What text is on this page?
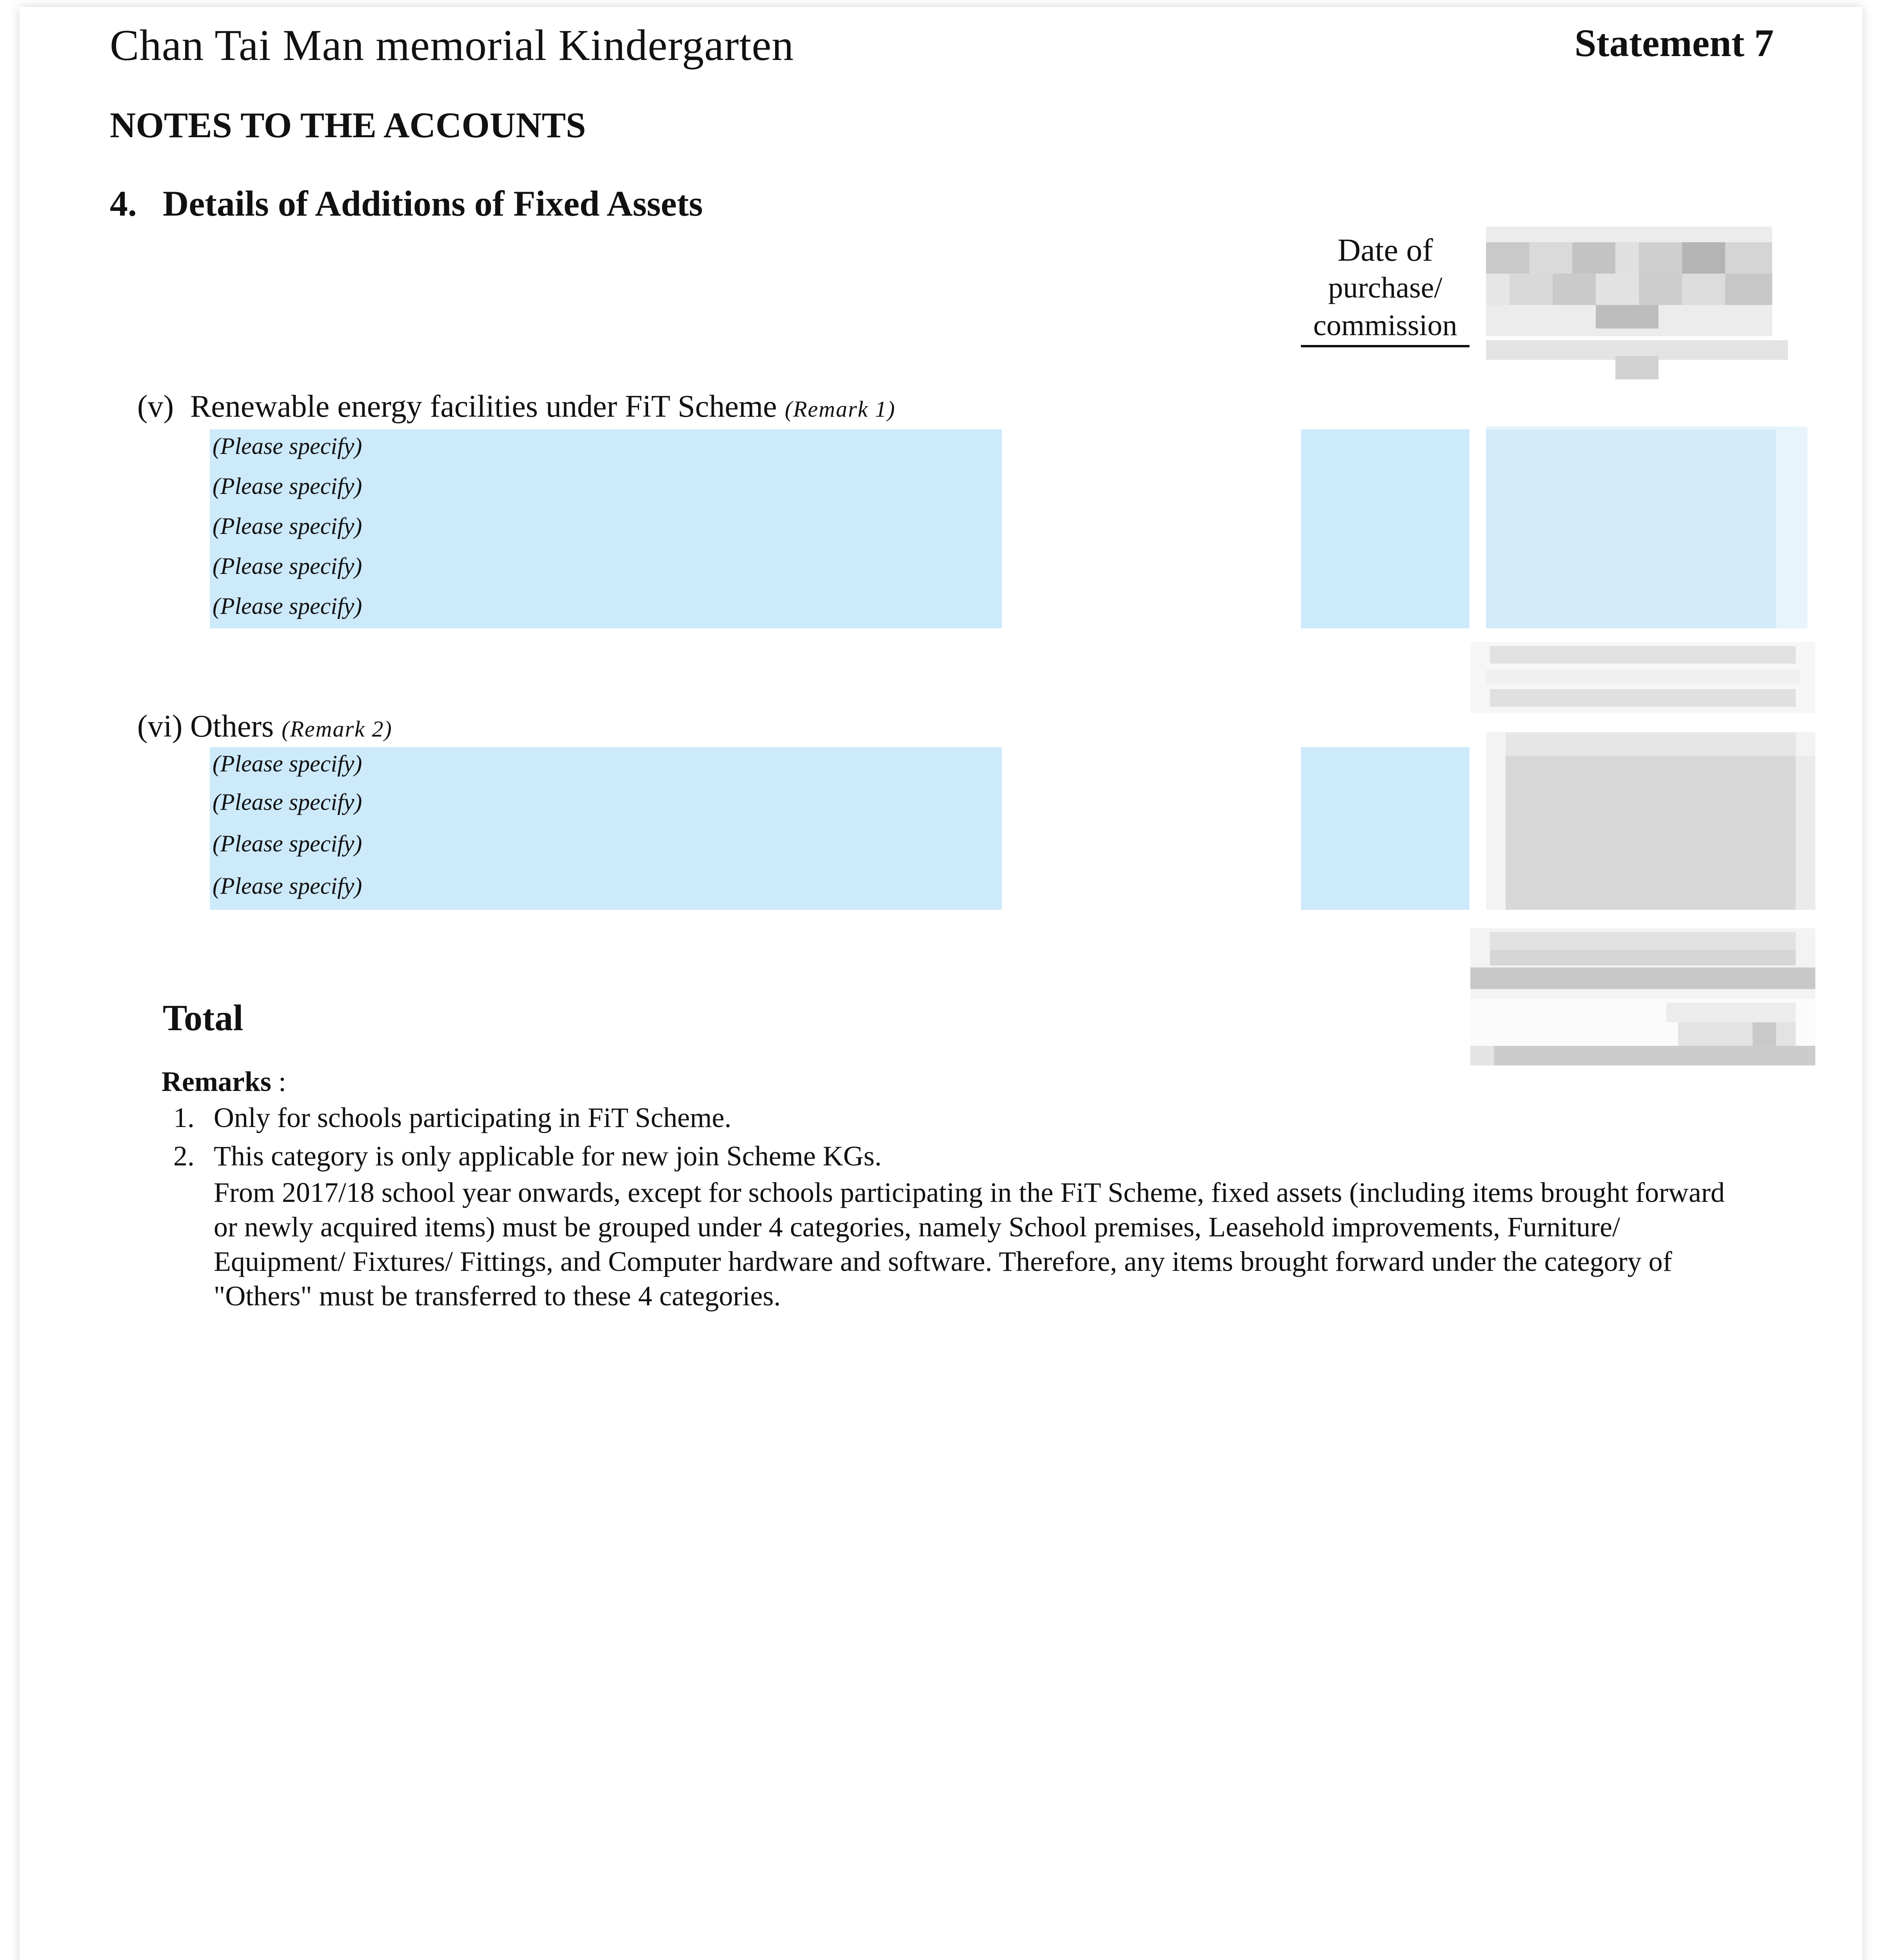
Chan Tai Man memorial Kindergarten	Statement 7
NOTES TO THE ACCOUNTS
4. Details of Additions of Fixed Assets
Date of
purchase/
commission
(v) Renewable energy facilities under FiT Scheme (Remark 1)
(Please specify)
(Please specify)
(Please specify)
(Please specify)
(Please specify)
(vi) Others (Remark 2)
(Please specify)
(Please specify)
(Please specify)
(Please specify)
Total
Remarks :
1. Only for schools participating in FiT Scheme.
2. This category is only applicable for new join Scheme KGs.
From 2017/18 school year onwards, except for schools participating in the FiT Scheme, fixed assets (including items brought forward or newly acquired items) must be grouped under 4 categories, namely School premises, Leasehold improvements, Furniture/ Equipment/ Fixtures/ Fittings, and Computer hardware and software. Therefore, any items brought forward under the category of "Others" must be transferred to these 4 categories.
